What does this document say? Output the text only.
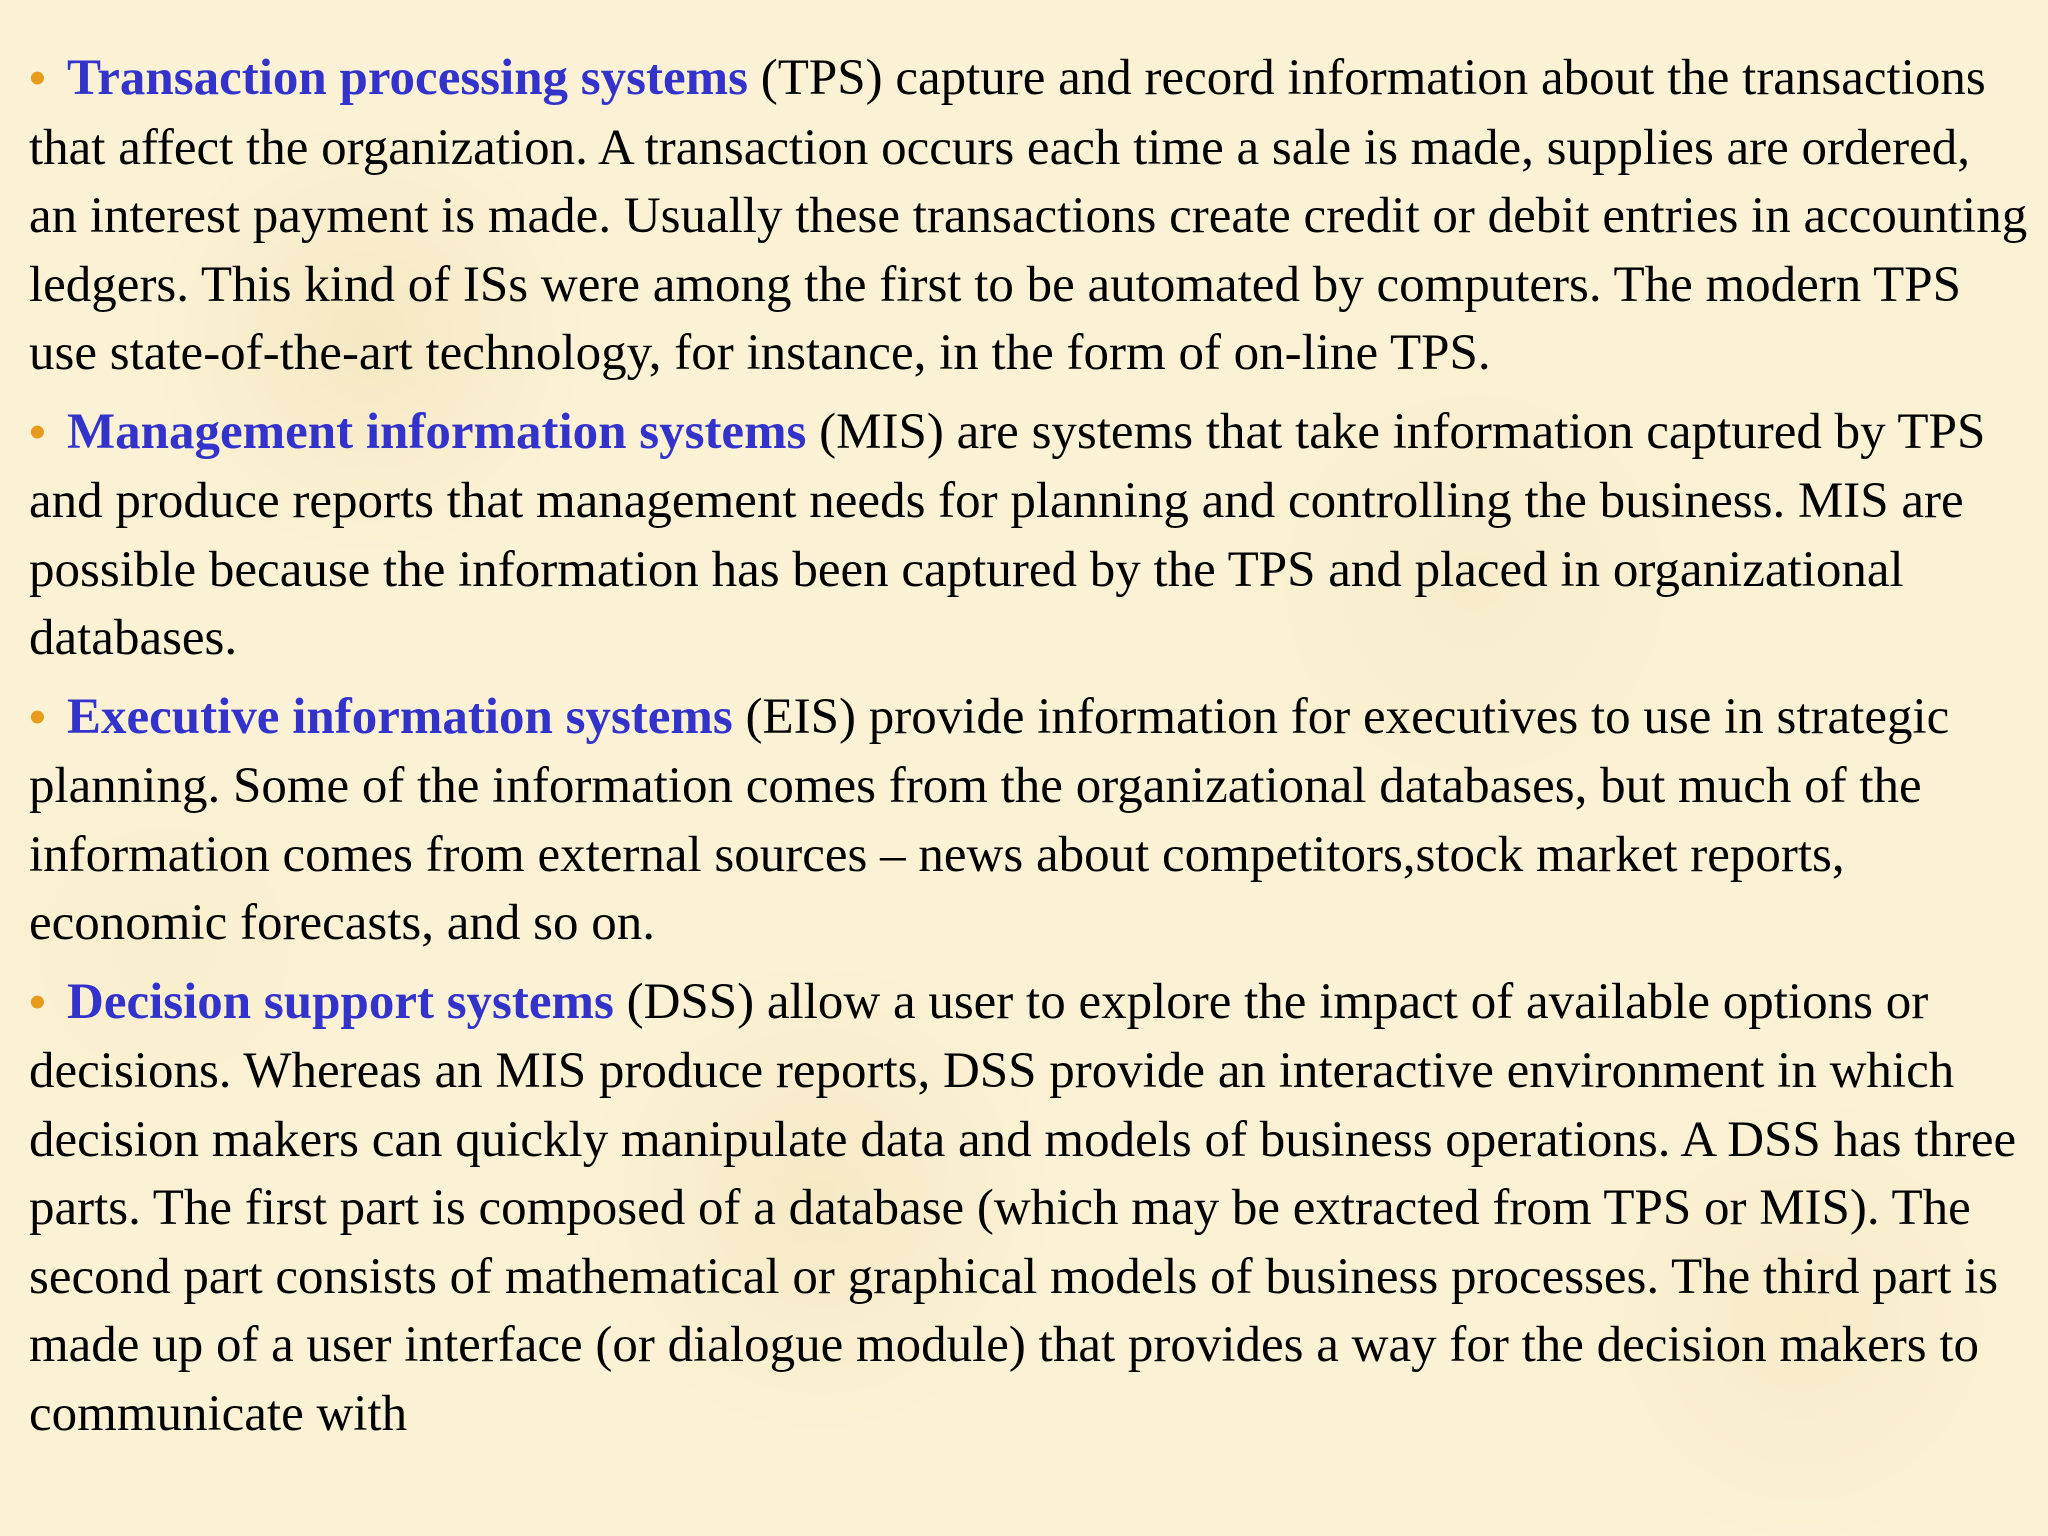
• Transaction processing systems (TPS) capture and record information about the transactions that affect the organization. A transaction occurs each time a sale is made, supplies are ordered, an interest payment is made. Usually these transactions create credit or debit entries in accounting ledgers. This kind of ISs were among the first to be automated by computers. The modern TPS use state-of-the-art technology, for instance, in the form of on-line TPS.

• Management information systems (MIS) are systems that take information captured by TPS and produce reports that management needs for planning and controlling the business. MIS are possible because the information has been captured by the TPS and placed in organizational databases.

• Executive information systems (EIS) provide information for executives to use in strategic planning. Some of the information comes from the organizational databases, but much of the information comes from external sources – news about competitors,stock market reports, economic forecasts, and so on.

• Decision support systems (DSS) allow a user to explore the impact of available options or decisions. Whereas an MIS produce reports, DSS provide an interactive environment in which decision makers can quickly manipulate data and models of business operations. A DSS has three parts. The first part is composed of a database (which may be extracted from TPS or MIS). The second part consists of mathematical or graphical models of business processes. The third part is made up of a user interface (or dialogue module) that provides a way for the decision makers to communicate with
